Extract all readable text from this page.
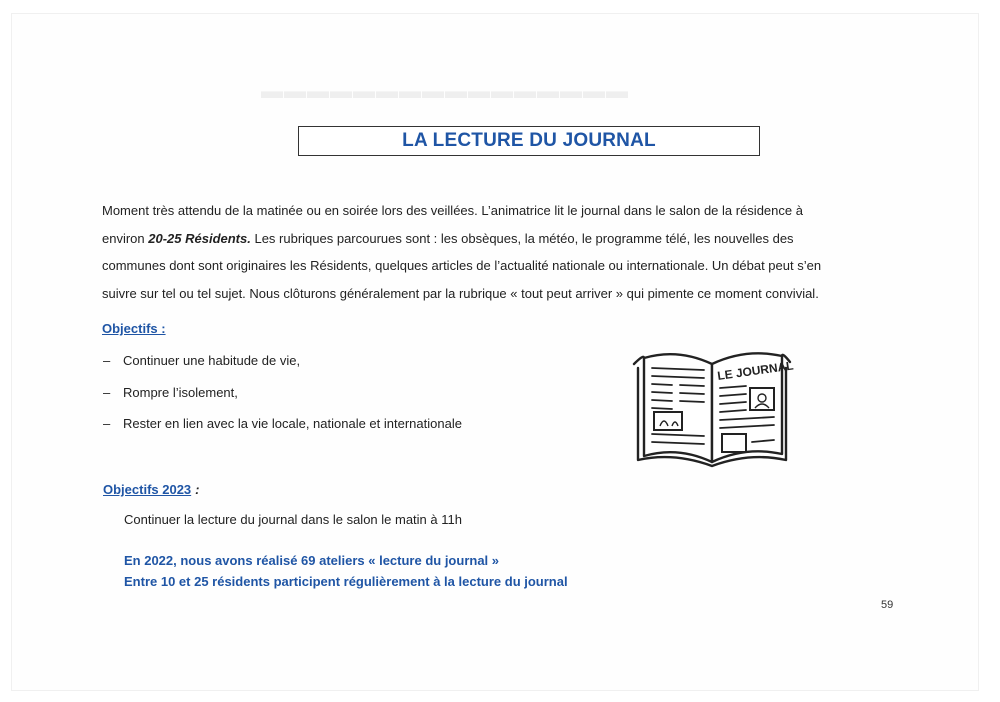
▬▬▬▬▬▬▬▬▬▬▬▬▬▬▬▬
LA LECTURE DU JOURNAL
Moment très attendu de la matinée ou en soirée lors des veillées. L’animatrice lit le journal dans le salon de la résidence à
environ 20-25 Résidents. Les rubriques parcourues sont : les obsèques, la météo, le programme télé, les nouvelles des
communes dont sont originaires les Résidents, quelques articles de l’actualité nationale ou internationale. Un débat peut s’en
suivre sur tel ou tel sujet. Nous clôturons généralement par la rubrique « tout peut arriver » qui pimente ce moment convivial.
Objectifs :
– Continuer une habitude de vie,
– Rompre l’isolement,
– Rester en lien avec la vie locale, nationale et internationale
Objectifs 2023 :
Continuer la lecture du journal dans le salon le matin à 11h
En 2022, nous avons réalisé 69 ateliers « lecture du journal »
Entre 10 et 25 résidents participent régulièrement à la lecture du journal
LE JOURNAL
59
